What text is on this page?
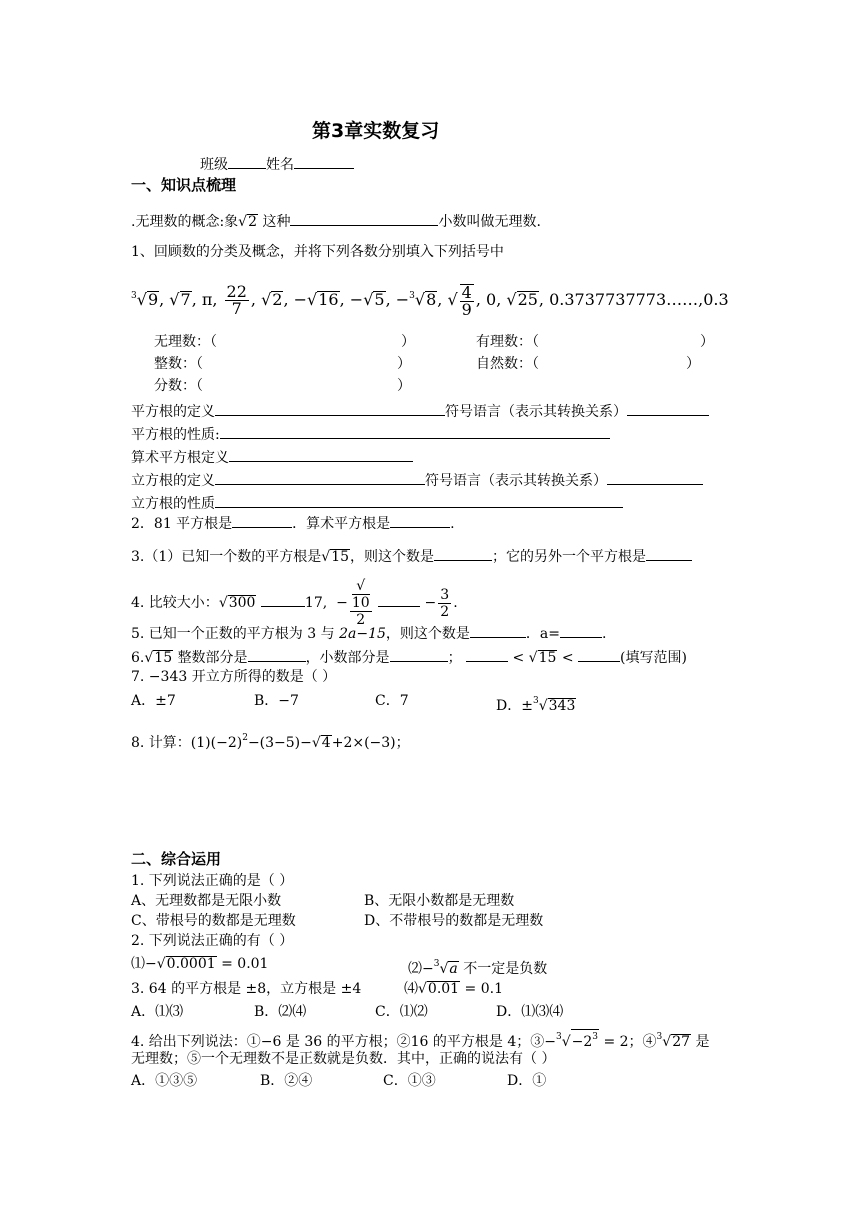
第3章实数复习
班级	姓名
一、知识点梳理
.无理数的概念:象√2 这种	小数叫做无理数.
1、回顾数的分类及概念，并将下列各数分别填入下列括号中
$^3$√9, √7, π, $\frac{22}{7}$ , √2, −√16, −√5, −$^3$√8, √ $\frac{4}{9}$ , 0, √25, 0.3737737773……,0.3
无理数：（	）	有理数：（	）
整数：（	）	自然数：（	）
分数：（	）
平方根的定义	符号语言（表示其转换关系）
平方根的性质:
算术平方根定义
立方根的定义	符号语言（表示其转换关系）
立方根的性质
2．81 平方根是	．算术平方根是	.
3.（1）已知一个数的平方根是√15，则这个数是	；它的另外一个平方根是
4. 比较大小：√300	17,  − √
10
2	− $\frac{3}{2}$ .
5. 已知一个正数的平方根为 3 与 2a−15，则这个数是	．a=	.
6.√15 整数部分是	，小数部分是	；	< √15 <	(填写范围)
7. −343 开立方所得的数是（ ）
A．±7	B．−7	C．7	D．±$^3$√343
8. 计算：$(1)(-2)^2-(3-5)-√4+2\times(-3)$；
二、综合运用
1. 下列说法正确的是（ ）
A、无理数都是无限小数	B、无限小数都是无理数
C、带根号的数都是无理数	D、不带根号的数都是无理数
2. 下列说法正确的有（ ）
⑴−√0.0001 = 0.01	⑵−$^3$√a 不一定是负数
3. 64 的平方根是 ±8，立方根是 ±4	⑷√0.01 = 0.1
A．⑴⑶	B．⑵⑷	C．⑴⑵	D．⑴⑶⑷
4. 给出下列说法：①−6 是 36 的平方根；②16 的平方根是 4；$③-^3√-2^3 = 2$；④$^3$√27 是
无理数；⑤一个无理数不是正数就是负数．其中，正确的说法有（ ）
A．①③⑤	B．②④	C．①③	D．①
